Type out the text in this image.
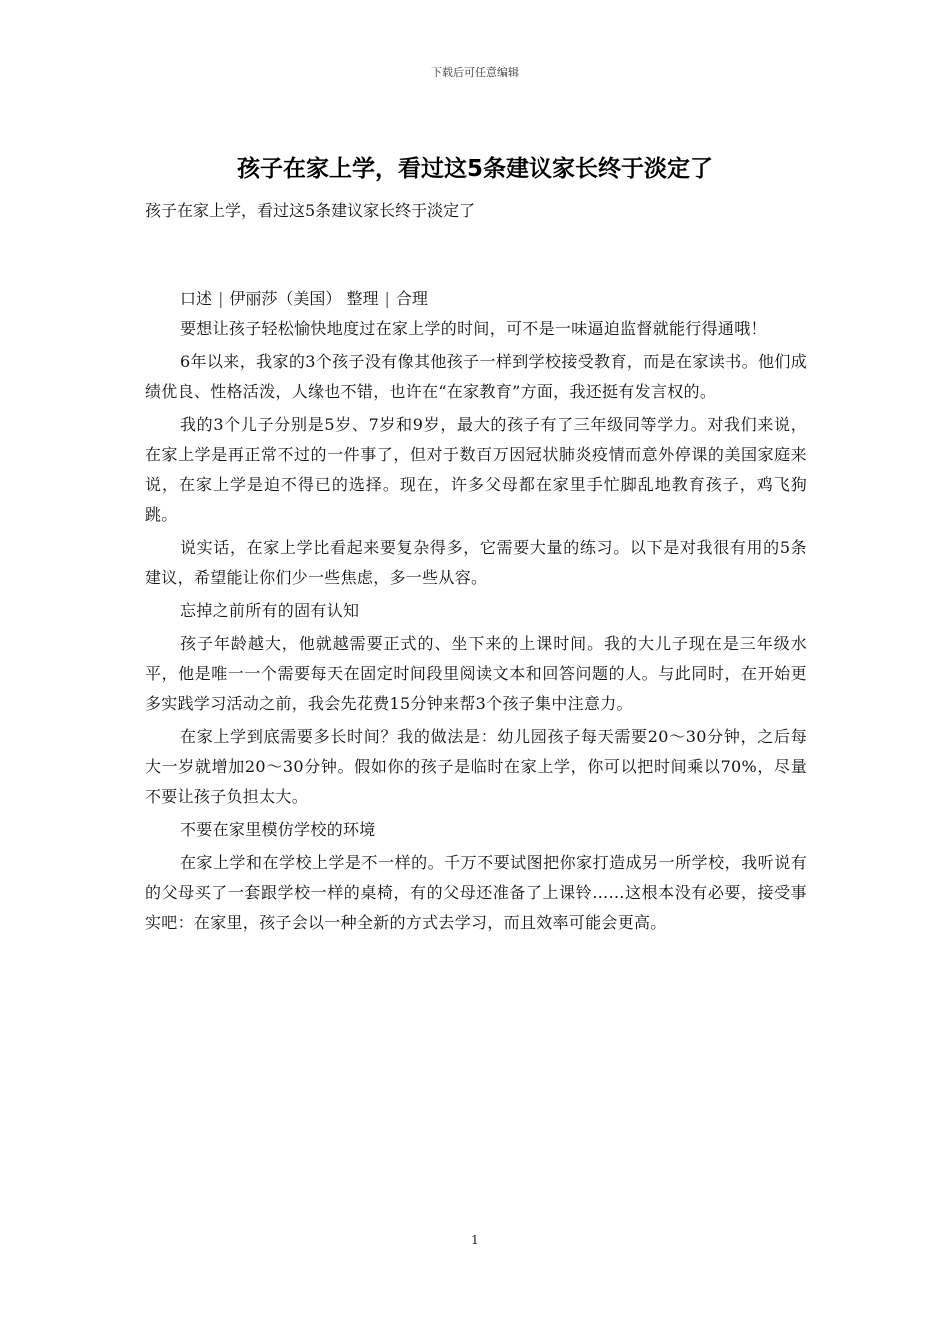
下载后可任意编辑
孩子在家上学，看过这5条建议家长终于淡定了

孩子在家上学，看过这5条建议家长终于淡定了

口述 | 伊丽莎（美国） 整理 | 合理

要想让孩子轻松愉快地度过在家上学的时间，可不是一味逼迫监督就能行得通哦！

6年以来，我家的3个孩子没有像其他孩子一样到学校接受教育，而是在家读书。他们成绩优良、性格活泼，人缘也不错，也许在“在家教育”方面，我还挺有发言权的。

我的3个儿子分别是5岁、7岁和9岁，最大的孩子有了三年级同等学力。对我们来说，在家上学是再正常不过的一件事了，但对于数百万因冠状肺炎疫情而意外停课的美国家庭来说，在家上学是迫不得已的选择。现在，许多父母都在家里手忙脚乱地教育孩子，鸡飞狗跳。

说实话，在家上学比看起来要复杂得多，它需要大量的练习。以下是对我很有用的5条建议，希望能让你们少一些焦虑，多一些从容。

忘掉之前所有的固有认知

孩子年龄越大，他就越需要正式的、坐下来的上课时间。我的大儿子现在是三年级水平，他是唯一一个需要每天在固定时间段里阅读文本和回答问题的人。与此同时，在开始更多实践学习活动之前，我会先花费15分钟来帮3个孩子集中注意力。

在家上学到底需要多长时间？我的做法是：幼儿园孩子每天需要20～30分钟，之后每大一岁就增加20～30分钟。假如你的孩子是临时在家上学，你可以把时间乘以70%，尽量不要让孩子负担太大。

不要在家里模仿学校的环境

在家上学和在学校上学是不一样的。千万不要试图把你家打造成另一所学校，我听说有的父母买了一套跟学校一样的桌椅，有的父母还准备了上课铃……这根本没有必要，接受事实吧：在家里，孩子会以一种全新的方式去学习，而且效率可能会更高。

1
